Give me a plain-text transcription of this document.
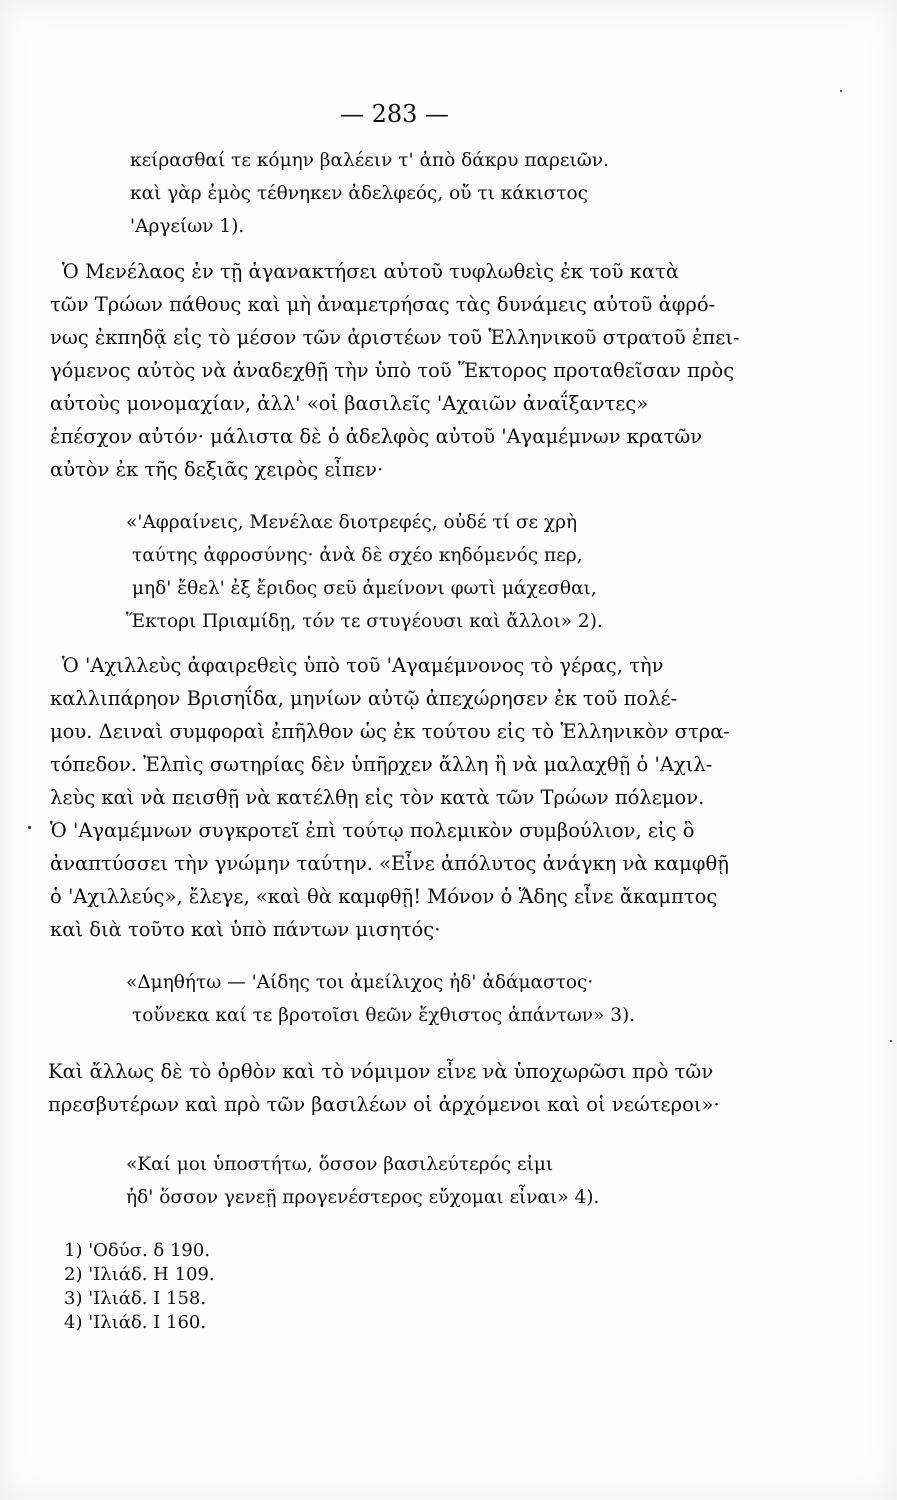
— 283 —
κείρασθαί τε κόμην βαλέειν τ' ἀπὸ δάκρυ παρειῶν.
καὶ γὰρ ἐμὸς τέθνηκεν ἀδελφεός, οὔ τι κάκιστος
'Αργείων 1).
Ὁ Μενέλαος ἐν τῇ ἀγανακτήσει αὐτοῦ τυφλωθεὶς ἐκ τοῦ κατὰ
τῶν Τρώων πάθους καὶ μὴ ἀναμετρήσας τὰς δυνάμεις αὐτοῦ ἀφρό-
νως ἐκπηδᾷ εἰς τὸ μέσον τῶν ἀριστέων τοῦ Ἑλληνικοῦ στρατοῦ ἐπει-
γόμενος αὐτὸς νὰ ἀναδεχθῇ τὴν ὑπὸ τοῦ Ἕκτορος προταθεῖσαν πρὸς
αὐτοὺς μονομαχίαν, ἀλλ' «οἱ βασιλεῖς 'Αχαιῶν ἀναΐξαντες»
ἐπέσχον αὐτόν· μάλιστα δὲ ὁ ἀδελφὸς αὐτοῦ 'Αγαμέμνων κρατῶν
αὐτὸν ἐκ τῆς δεξιᾶς χειρὸς εἶπεν·
«'Αφραίνεις, Μενέλαε διοτρεφές, οὐδέ τί σε χρὴ
ταύτης ἀφροσύνης· ἀνὰ δὲ σχέο κηδόμενός περ,
μηδ' ἔθελ' ἐξ ἔριδος σεῦ ἀμείνονι φωτὶ μάχεσθαι,
Ἕκτορι Πριαμίδῃ, τόν τε στυγέουσι καὶ ἄλλοι» 2).
Ὁ 'Αχιλλεὺς ἀφαιρεθεὶς ὑπὸ τοῦ 'Αγαμέμνονος τὸ γέρας, τὴν
καλλιπάρηον Βρισηΐδα, μηνίων αὐτῷ ἀπεχώρησεν ἐκ τοῦ πολέ-
μου. Δειναὶ συμφοραὶ ἐπῆλθον ὡς ἐκ τούτου εἰς τὸ Ἑλληνικὸν στρα-
τόπεδον. Ἐλπὶς σωτηρίας δὲν ὑπῆρχεν ἄλλη ἢ νὰ μαλαχθῇ ὁ 'Αχιλ-
λεὺς καὶ νὰ πεισθῇ νὰ κατέλθῃ εἰς τὸν κατὰ τῶν Τρώων πόλεμον.
Ὁ 'Αγαμέμνων συγκροτεῖ ἐπὶ τούτῳ πολεμικὸν συμβούλιον, εἰς ὃ
ἀναπτύσσει τὴν γνώμην ταύτην. «Εἶνε ἀπόλυτος ἀνάγκη νὰ καμφθῇ
ὁ 'Αχιλλεύς», ἔλεγε, «καὶ θὰ καμφθῇ! Μόνον ὁ Ἅδης εἶνε ἄκαμπτος
καὶ διὰ τοῦτο καὶ ὑπὸ πάντων μισητός·
«Δμηθήτω — 'Αίδης τοι ἀμείλιχος ἠδ' ἀδάμαστος·
τοὔνεκα καί τε βροτοῖσι θεῶν ἔχθιστος ἁπάντων» 3).
Καὶ ἄλλως δὲ τὸ ὀρθὸν καὶ τὸ νόμιμον εἶνε νὰ ὑποχωρῶσι πρὸ τῶν
πρεσβυτέρων καὶ πρὸ τῶν βασιλέων οἱ ἀρχόμενοι καὶ οἱ νεώτεροι»·
«Καί μοι ὑποστήτω, ὅσσον βασιλεύτερός εἰμι
ἠδ' ὅσσον γενεῇ προγενέστερος εὔχομαι εἶναι» 4).
1) 'Οδύσ. δ 190.
2) 'Ιλιάδ. Η 109.
3) 'Ιλιάδ. Ι 158.
4) 'Ιλιάδ. Ι 160.
